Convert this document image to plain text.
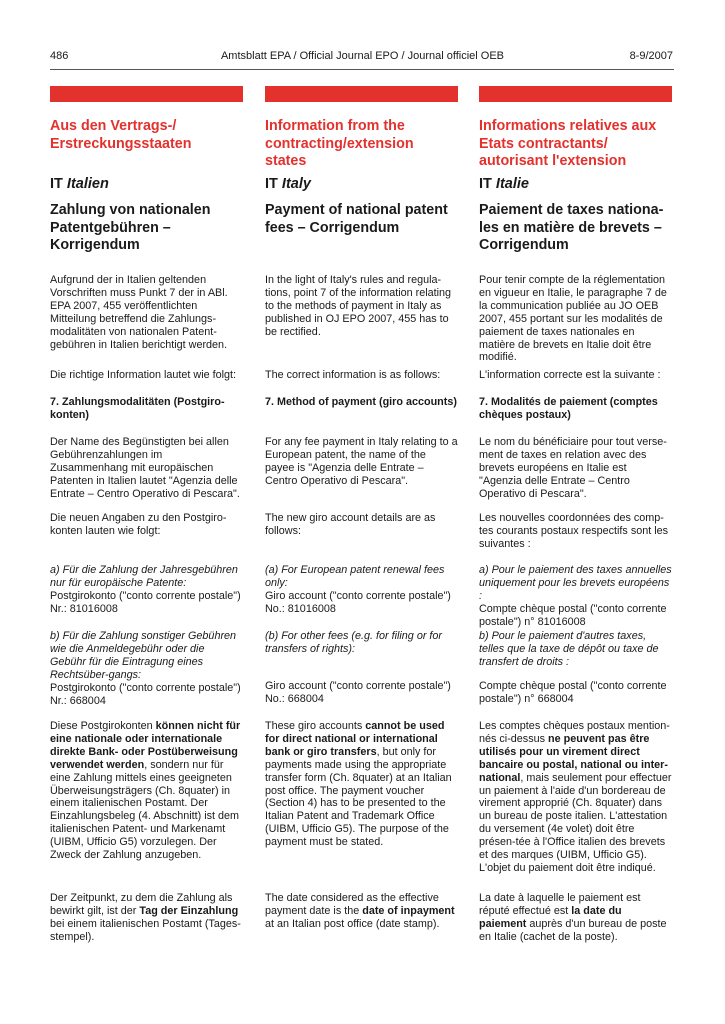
486	Amtsblatt EPA / Official Journal EPO / Journal officiel OEB	8-9/2007
Aus den Vertrags-/ Erstreckungsstaaten
IT Italien
Zahlung von nationalen Patentgebühren – Korrigendum
Aufgrund der in Italien geltenden Vorschriften muss Punkt 7 der in ABl. EPA 2007, 455 veröffentlichten Mitteilung betreffend die Zahlungs-modalitäten von nationalen Patent-gebühren in Italien berichtigt werden.
Die richtige Information lautet wie folgt:
7. Zahlungsmodalitäten (Postgiro-konten)
Der Name des Begünstigten bei allen Gebührenzahlungen im Zusammenhang mit europäischen Patenten in Italien lautet "Agenzia delle Entrate – Centro Operativo di Pescara".
Die neuen Angaben zu den Postgiro-konten lauten wie folgt:
a) Für die Zahlung der Jahresgebühren nur für europäische Patente:
Postgirokonto ("conto corrente postale") Nr.: 81016008
b) Für die Zahlung sonstiger Gebühren wie die Anmeldegebühr oder die Gebühr für die Eintragung eines Rechtsüber-gangs:
Postgirokonto ("conto corrente postale") Nr.: 668004
Diese Postgirokonten können nicht für eine nationale oder internationale direkte Bank- oder Postüberweisung verwendet werden, sondern nur für eine Zahlung mittels eines geeigneten Überweisungsträgers (Ch. 8quater) in einem italienischen Postamt. Der Einzahlungsbeleg (4. Abschnitt) ist dem italienischen Patent- und Markenamt (UIBM, Ufficio G5) vorzulegen. Der Zweck der Zahlung anzugeben.
Der Zeitpunkt, zu dem die Zahlung als bewirkt gilt, ist der Tag der Einzahlung bei einem italienischen Postamt (Tages-stempel).
Information from the contracting/extension states
IT Italy
Payment of national patent fees – Corrigendum
In the light of Italy's rules and regula-tions, point 7 of the information relating to the methods of payment in Italy as published in OJ EPO 2007, 455 has to be rectified.
The correct information is as follows:
7. Method of payment (giro accounts)
For any fee payment in Italy relating to a European patent, the name of the payee is "Agenzia delle Entrate – Centro Operativo di Pescara".
The new giro account details are as follows:
(a) For European patent renewal fees only:
Giro account ("conto corrente postale") No.: 81016008
(b) For other fees (e.g. for filing or for transfers of rights):
Giro account ("conto corrente postale") No.: 668004
These giro accounts cannot be used for direct national or international bank or giro transfers, but only for payments made using the appropriate transfer form (Ch. 8quater) at an Italian post office. The payment voucher (Section 4) has to be presented to the Italian Patent and Trademark Office (UIBM, Ufficio G5). The purpose of the payment must be stated.
The date considered as the effective payment date is the date of inpayment at an Italian post office (date stamp).
Informations relatives aux Etats contractants/ autorisant l'extension
IT Italie
Paiement de taxes nationa-les en matière de brevets – Corrigendum
Pour tenir compte de la réglementation en vigueur en Italie, le paragraphe 7 de la communication publiée au JO OEB 2007, 455 portant sur les modalités de paiement de taxes nationales en matière de brevets en Italie doit être modifié.
L'information correcte est la suivante :
7. Modalités de paiement (comptes chèques postaux)
Le nom du bénéficiaire pour tout verse-ment de taxes en relation avec des brevets européens en Italie est "Agenzia delle Entrate – Centro Operativo di Pescara".
Les nouvelles coordonnées des comp-tes courants postaux respectifs sont les suivantes :
a) Pour le paiement des taxes annuelles uniquement pour les brevets européens :
Compte chèque postal ("conto corrente postale") n° 81016008
b) Pour le paiement d'autres taxes, telles que la taxe de dépôt ou taxe de transfert de droits :
Compte chèque postal ("conto corrente postale") n° 668004
Les comptes chèques postaux mention-nés ci-dessus ne peuvent pas être utilisés pour un virement direct bancaire ou postal, national ou inter-national, mais seulement pour effectuer un paiement à l'aide d'un bordereau de virement approprié (Ch. 8quater) dans un bureau de poste italien. L'attestation du versement (4e volet) doit être présen-tée à l'Office italien des brevets et des marques (UIBM, Ufficio G5). L'objet du paiement doit être indiqué.
La date à laquelle le paiement est réputé effectué est la date du paiement auprès d'un bureau de poste en Italie (cachet de la poste).
